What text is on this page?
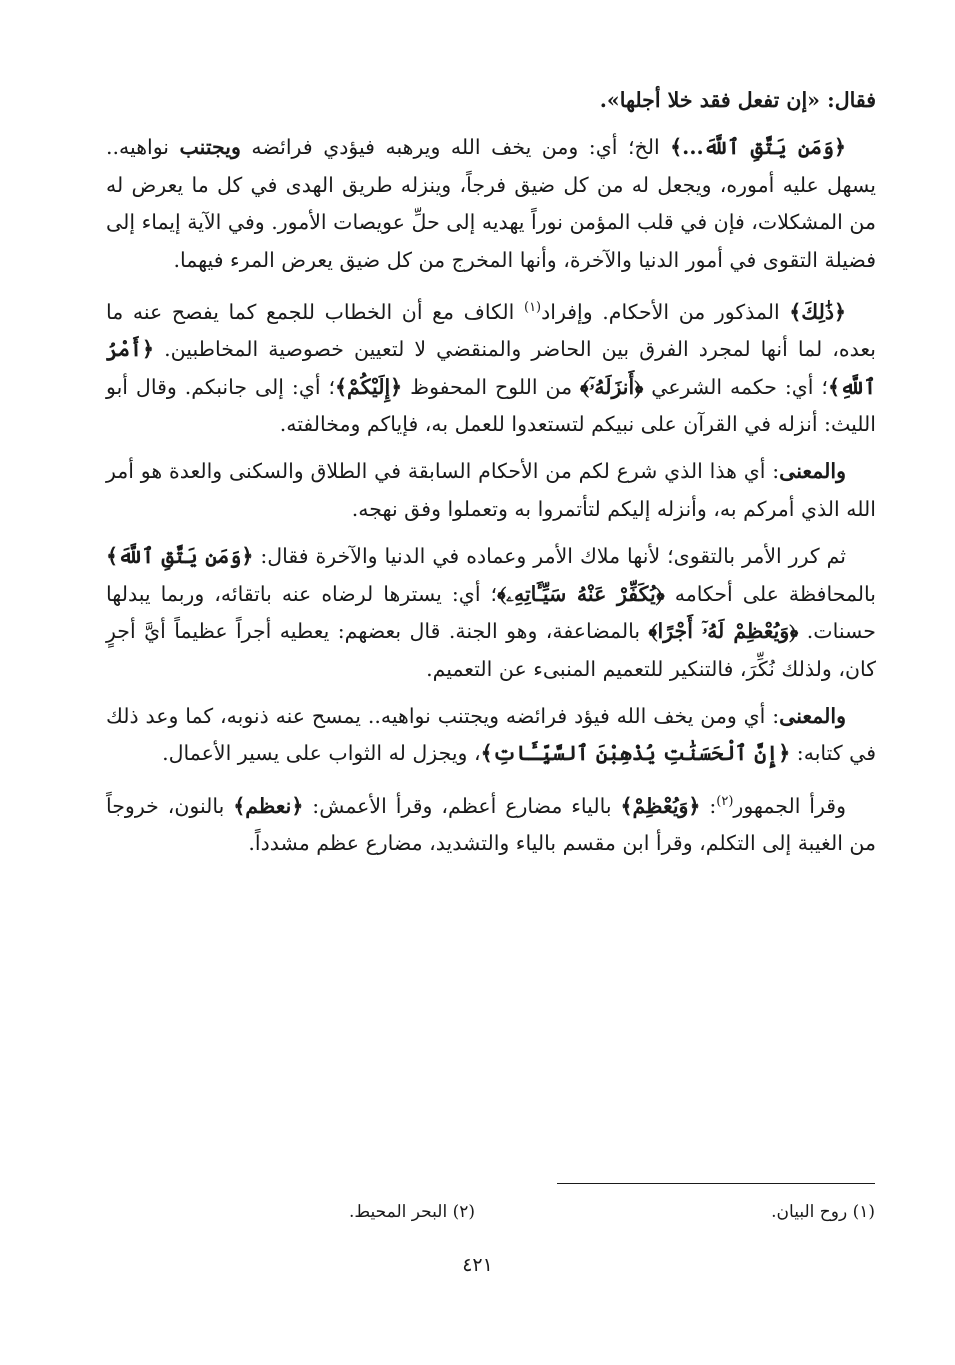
فقال: «إن تفعل فقد خلا أجلها».

﴿وَمَن يَتَّقِ ٱللَّهَ...﴾ الخ؛ أي: ومن يخف الله ويرهبه فيؤدي فرائضه ويجتنب نواهيه.. يسهل عليه أموره، ويجعل له من كل ضيق فرجاً، وينزله طريق الهدى في كل ما يعرض له من المشكلات، فإن في قلب المؤمن نوراً يهديه إلى حلِّ عويصات الأمور. وفي الآية إيماء إلى فضيلة التقوى في أمور الدنيا والآخرة، وأنها المخرج من كل ضيق يعرض المرء فيهما.

﴿ذَٰلِكَ﴾ المذكور من الأحكام. وإفراد$^{(١)}$ الكاف مع أن الخطاب للجمع كما يفصح عنه ما بعده، لما أنها لمجرد الفرق بين الحاضر والمنقضي لا لتعيين خصوصية المخاطبين. ﴿أَمْرُ ٱللَّهِ﴾؛ أي: حكمه الشرعي ﴿أَنزَلَهُۥٓ﴾ من اللوح المحفوظ ﴿إِلَيْكُمْ﴾؛ أي: إلى جانبكم. وقال أبو الليث: أنزله في القرآن على نبيكم لتستعدوا للعمل به، فإياكم ومخالفته.

والمعنى: أي هذا الذي شرع لكم من الأحكام السابقة في الطلاق والسكنى والعدة هو أمر الله الذي أمركم به، وأنزله إليكم لتأتمروا به وتعملوا وفق نهجه.

ثم كرر الأمر بالتقوى؛ لأنها ملاك الأمر وعماده في الدنيا والآخرة فقال: ﴿وَمَن يَتَّقِ ٱللَّهَ﴾ بالمحافظة على أحكامه ﴿يُكَفِّرْ عَنْهُ سَيِّـَٔاتِهِۦ﴾؛ أي: يسترها لرضاه عنه باتقائه، وربما يبدلها حسنات. ﴿وَيُعْظِمْ لَهُۥٓ أَجْرًا﴾ بالمضاعفة، وهو الجنة. قال بعضهم: يعطيه أجراً عظيماً أيَّ أجرٍ كان، ولذلك نُكِّرَ، فالتنكير للتعميم المنبىء عن التعميم.

والمعنى: أي ومن يخف الله فيؤد فرائضه ويجتنب نواهيه.. يمسح عنه ذنوبه، كما وعد ذلك في كتابه: ﴿إِنَّ ٱلْحَسَنَٰتِ يُذْهِبْنَ ٱلسَّيِّـَٔاتِ﴾، ويجزل له الثواب على يسير الأعمال.

وقرأ الجمهور$^{(٢)}$: ﴿وَيُعْظِمْ﴾ بالياء مضارع أعظم، وقرأ الأعمش: ﴿نعظم﴾ بالنون، خروجاً من الغيبة إلى التكلم، وقرأ ابن مقسم بالياء والتشديد، مضارع عظم مشدداً.

(١) روح البيان.
(٢) البحر المحيط.
٤٢١
